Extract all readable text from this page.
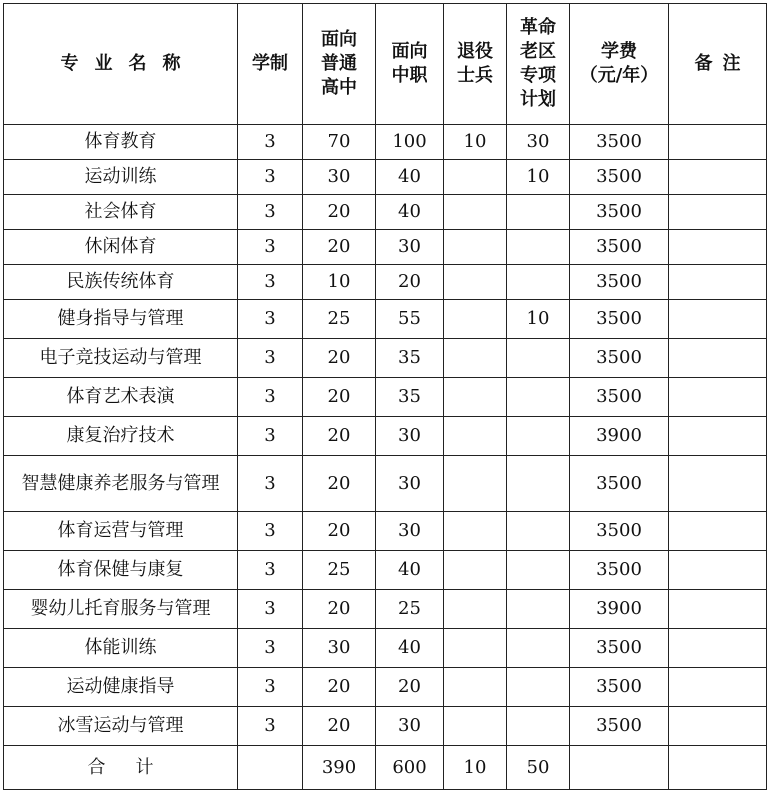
专业名称	学制	面向
普通
高中	面向
中职	退役
士兵	革命
老区
专项
计划	学费
（元/年）	备注
体育教育	3	70	100	10	30	3500	
运动训练	3	30	40		10	3500	
社会体育	3	20	40			3500	
休闲体育	3	20	30			3500	
民族传统体育	3	10	20			3500	
健身指导与管理	3	25	55		10	3500	
电子竞技运动与管理	3	20	35			3500	
体育艺术表演	3	20	35			3500	
康复治疗技术	3	20	30			3900	
智慧健康养老服务与管理	3	20	30			3500	
体育运营与管理	3	20	30			3500	
体育保健与康复	3	25	40			3500	
婴幼儿托育服务与管理	3	20	25			3900	
体能训练	3	30	40			3500	
运动健康指导	3	20	20			3500	
冰雪运动与管理	3	20	30			3500	
合计		390	600	10	50		
